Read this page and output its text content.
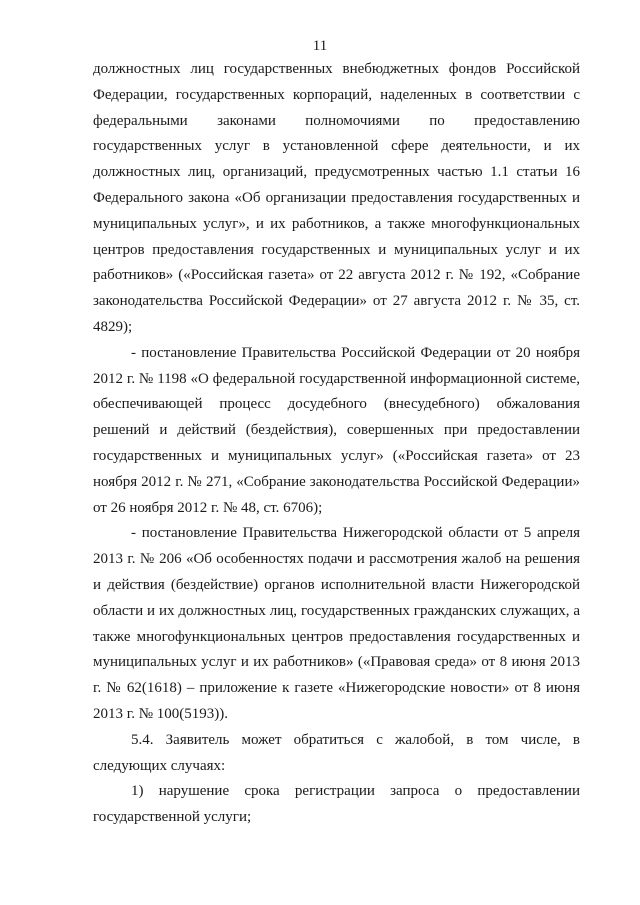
11

должностных лиц государственных внебюджетных фондов Российской Федерации, государственных корпораций, наделенных в соответствии с федеральными законами полномочиями по предоставлению государственных услуг в установленной сфере деятельности, и их должностных лиц, организаций, предусмотренных частью 1.1 статьи 16 Федерального закона «Об организации предоставления государственных и муниципальных услуг», и их работников, а также многофункциональных центров предоставления государственных и муниципальных услуг и их работников» («Российская газета» от 22 августа 2012 г. № 192, «Собрание законодательства Российской Федерации» от 27 августа 2012 г. № 35, ст. 4829);

- постановление Правительства Российской Федерации от 20 ноября 2012 г. № 1198 «О федеральной государственной информационной системе, обеспечивающей процесс досудебного (внесудебного) обжалования решений и действий (бездействия), совершенных при предоставлении государственных и муниципальных услуг» («Российская газета» от 23 ноября 2012 г. № 271, «Собрание законодательства Российской Федерации» от 26 ноября 2012 г. № 48, ст. 6706);

- постановление Правительства Нижегородской области от 5 апреля 2013 г. № 206 «Об особенностях подачи и рассмотрения жалоб на решения и действия (бездействие) органов исполнительной власти Нижегородской области и их должностных лиц, государственных гражданских служащих, а также многофункциональных центров предоставления государственных и муниципальных услуг и их работников» («Правовая среда» от 8 июня 2013 г. № 62(1618) – приложение к газете «Нижегородские новости» от 8 июня 2013 г. № 100(5193)).

5.4. Заявитель может обратиться с жалобой, в том числе, в следующих случаях:

1) нарушение срока регистрации запроса о предоставлении государственной услуги;
